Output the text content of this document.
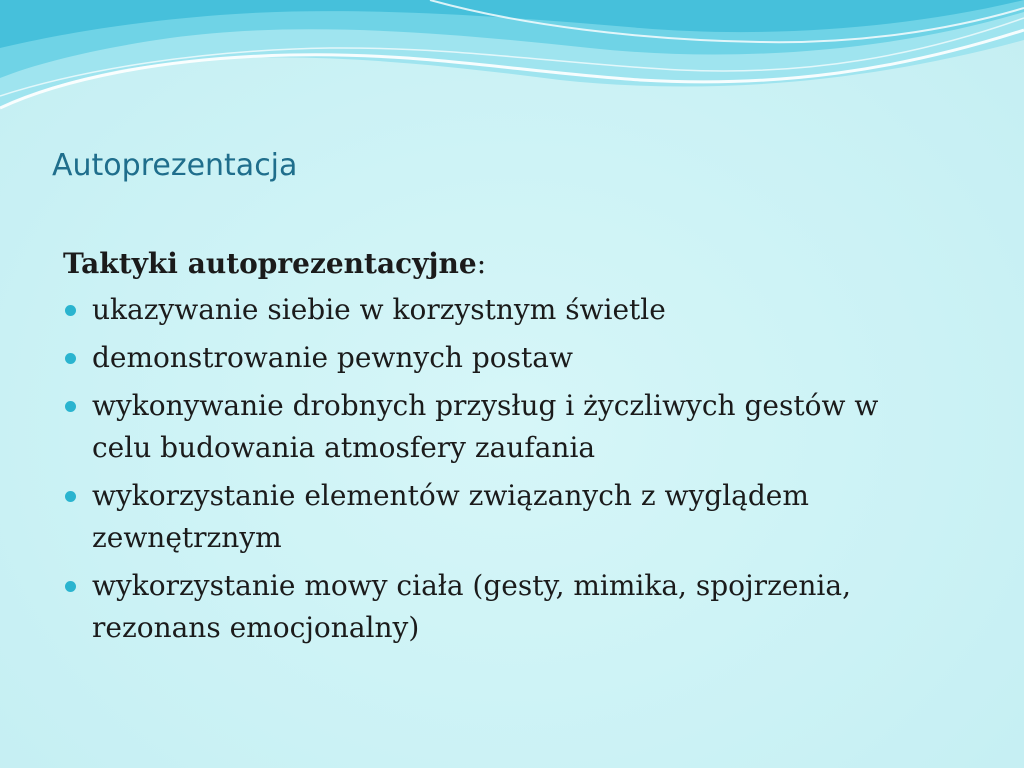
Autoprezentacja
Taktyki autoprezentacyjne:
ukazywanie siebie w korzystnym świetle
demonstrowanie pewnych postaw
wykonywanie drobnych przysług i życzliwych gestów w celu budowania atmosfery zaufania
wykorzystanie elementów związanych z wyglądem zewnętrznym
wykorzystanie mowy ciała (gesty, mimika, spojrzenia, rezonans emocjonalny)
